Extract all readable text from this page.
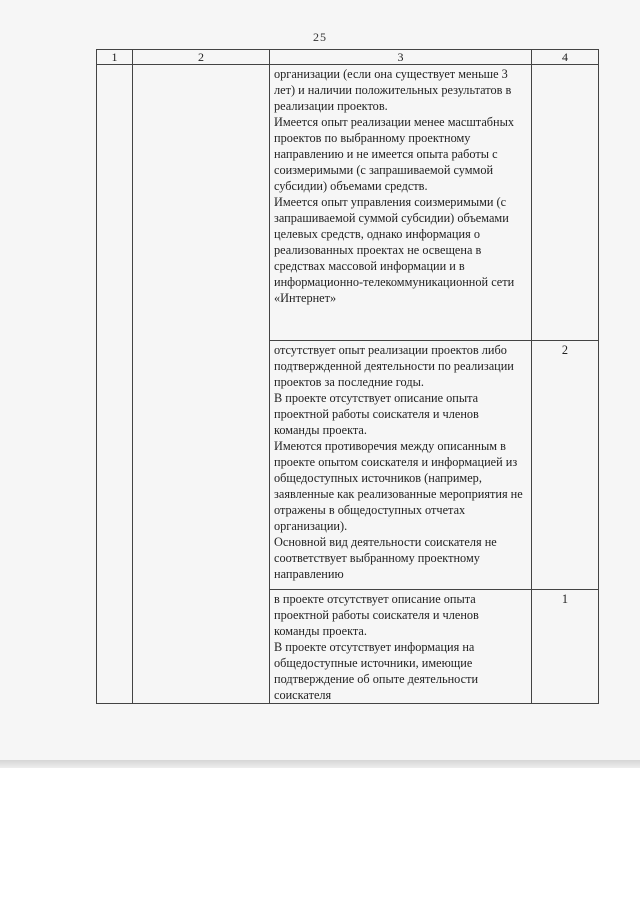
25
1	2	3	4

		организации (если она существует меньше 3 лет) и наличии положительных результатов в реализации проектов.
Имеется опыт реализации менее масштабных проектов по выбранному проектному направлению и не имеется опыта работы с соизмеримыми (с запрашиваемой суммой субсидии) объемами средств.
Имеется опыт управления соизмеримыми (с запрашиваемой суммой субсидии) объемами целевых средств, однако информация о реализованных проектах не освещена в средствах массовой информации и в информационно-телекоммуникационной сети «Интернет»	

		отсутствует опыт реализации проектов либо подтвержденной деятельности по реализации проектов за последние годы.
В проекте отсутствует описание опыта проектной работы соискателя и членов команды проекта.
Имеются противоречия между описанным в проекте опытом соискателя и информацией из общедоступных источников (например, заявленные как реализованные мероприятия не отражены в общедоступных отчетах организации).
Основной вид деятельности соискателя не соответствует выбранному проектному направлению	2

		в проекте отсутствует описание опыта проектной работы соискателя и членов команды проекта.
В проекте отсутствует информация на общедоступные источники, имеющие подтверждение об опыте деятельности соискателя	1
